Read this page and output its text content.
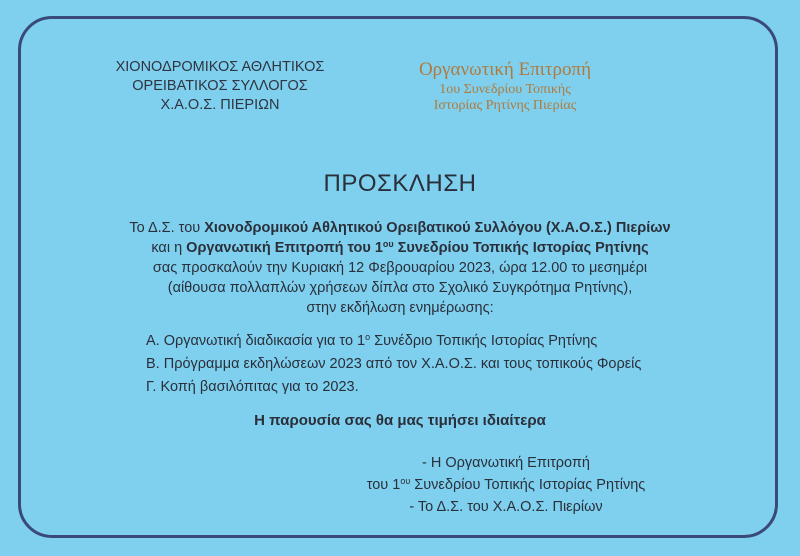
ΧΙΟΝΟΔΡΟΜΙΚΟΣ ΑΘΛΗΤΙΚΟΣ
ΟΡΕΙΒΑΤΙΚΟΣ ΣΥΛΛΟΓΟΣ
Χ.Α.Ο.Σ. ΠΙΕΡΙΩΝ
Οργανωτική Επιτροπή
1ου Συνεδρίου Τοπικής
Ιστορίας Ρητίνης Πιερίας
ΠΡΟΣΚΛΗΣΗ
Το Δ.Σ. του Χιονοδρομικού Αθλητικού Ορειβατικού Συλλόγου (Χ.Α.Ο.Σ.) Πιερίων
και η Οργανωτική Επιτροπή του $1^{o\upsilon}$ Συνεδρίου Τοπικής Ιστορίας Ρητίνης
σας προσκαλούν την Κυριακή 12 Φεβρουαρίου 2023, ώρα 12.00 το μεσημέρι
(αίθουσα πολλαπλών χρήσεων δίπλα στο Σχολικό Συγκρότημα Ρητίνης),
στην εκδήλωση ενημέρωσης:
Α. Οργανωτική διαδικασία για το $1^o$ Συνέδριο Τοπικής Ιστορίας Ρητίνης
Β. Πρόγραμμα εκδηλώσεων 2023 από τον Χ.Α.Ο.Σ. και τους τοπικούς Φορείς
Γ. Κοπή βασιλόπιτας για το 2023.
Η παρουσία σας θα μας τιμήσει ιδιαίτερα
- Η Οργανωτική Επιτροπή
του $1^{o\upsilon}$ Συνεδρίου Τοπικής Ιστορίας Ρητίνης
- Το Δ.Σ. του Χ.Α.Ο.Σ. Πιερίων
